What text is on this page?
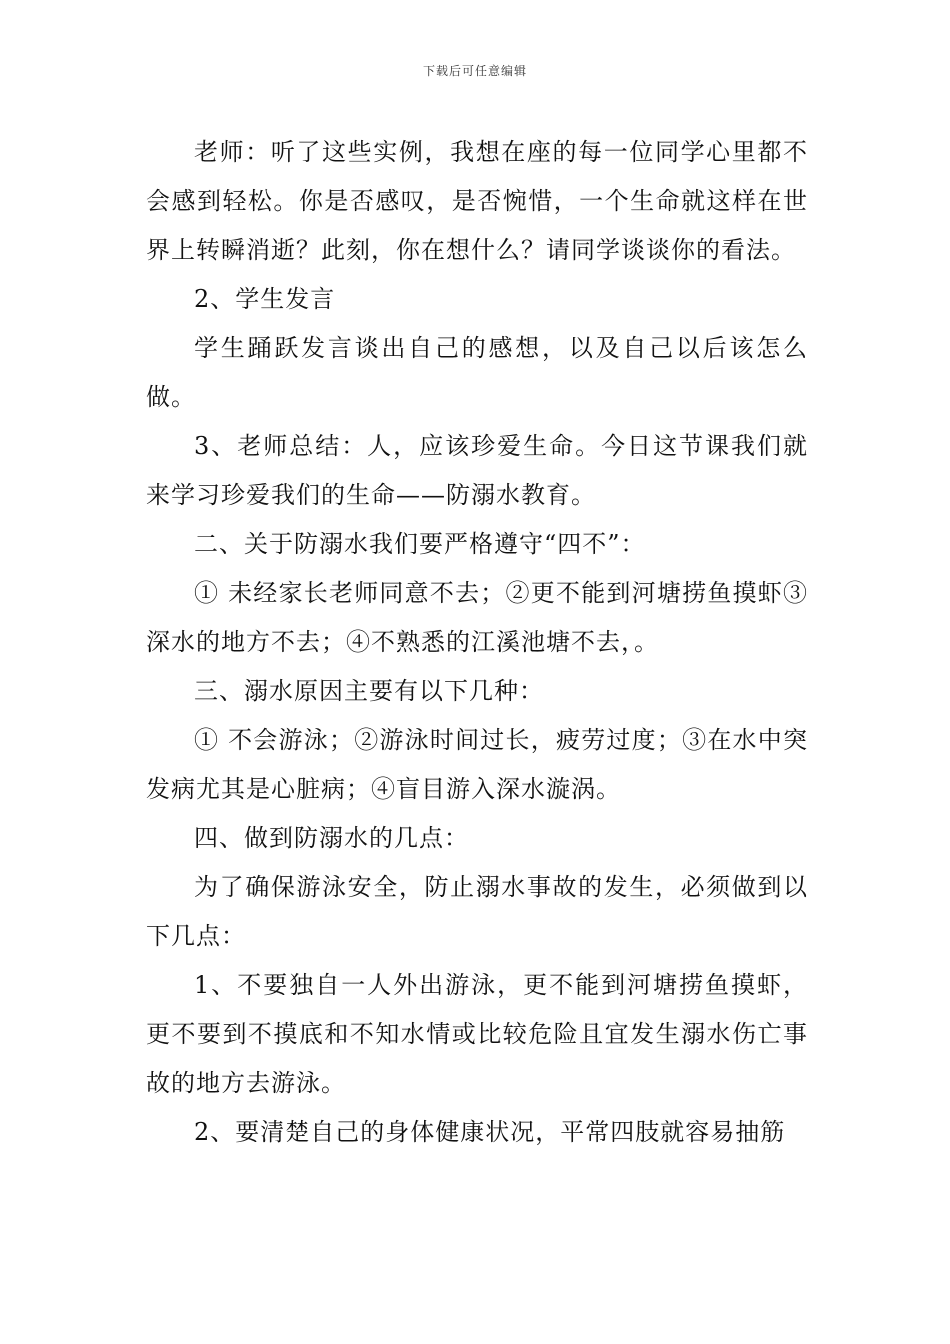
下载后可任意编辑

老师：听了这些实例，我想在座的每一位同学心里都不会感到轻松。你是否感叹，是否惋惜，一个生命就这样在世界上转瞬消逝？此刻，你在想什么？请同学谈谈你的看法。

2、学生发言

学生踊跃发言谈出自己的感想，以及自己以后该怎么做。

3、老师总结：人，应该珍爱生命。今日这节课我们就来学习珍爱我们的生命——防溺水教育。

二、关于防溺水我们要严格遵守“四不”：

① 未经家长老师同意不去；②更不能到河塘捞鱼摸虾③深水的地方不去；④不熟悉的江溪池塘不去，。

三、溺水原因主要有以下几种：

① 不会游泳；②游泳时间过长，疲劳过度；③在水中突发病尤其是心脏病；④盲目游入深水漩涡。

四、做到防溺水的几点：

为了确保游泳安全，防止溺水事故的发生，必须做到以下几点：

1、不要独自一人外出游泳，更不能到河塘捞鱼摸虾，更不要到不摸底和不知水情或比较危险且宜发生溺水伤亡事故的地方去游泳。

2、要清楚自己的身体健康状况，平常四肢就容易抽筋
